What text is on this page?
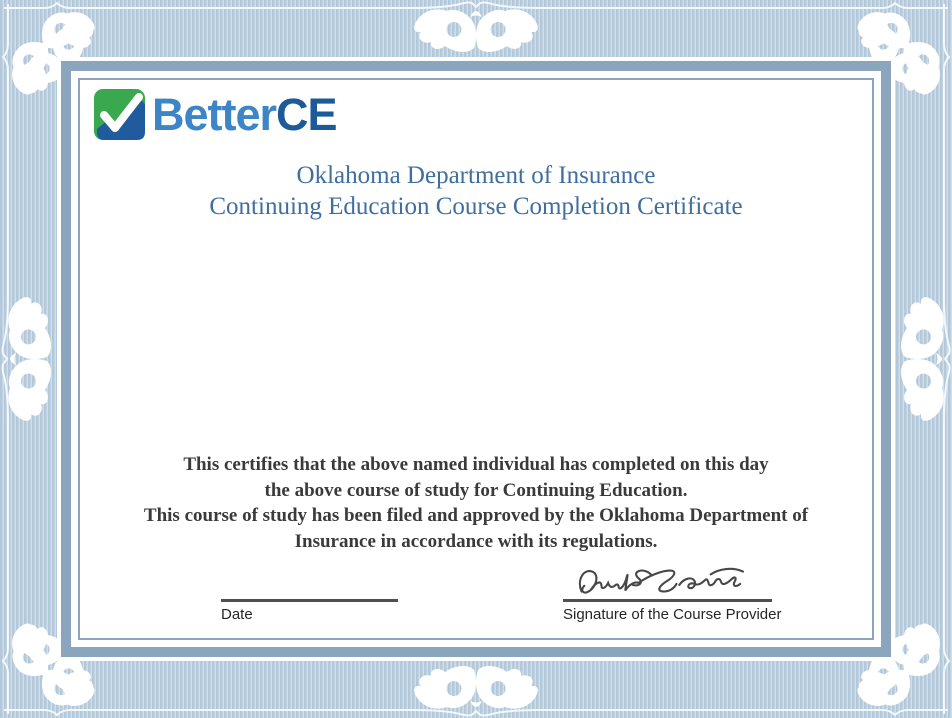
BetterCE
Oklahoma Department of Insurance
Continuing Education Course Completion Certificate
This certifies that the above named individual has completed on this day
the above course of study for Continuing Education.
This course of study has been filed and approved by the Oklahoma Department of
Insurance in accordance with its regulations.
Date	Signature of the Course Provider
